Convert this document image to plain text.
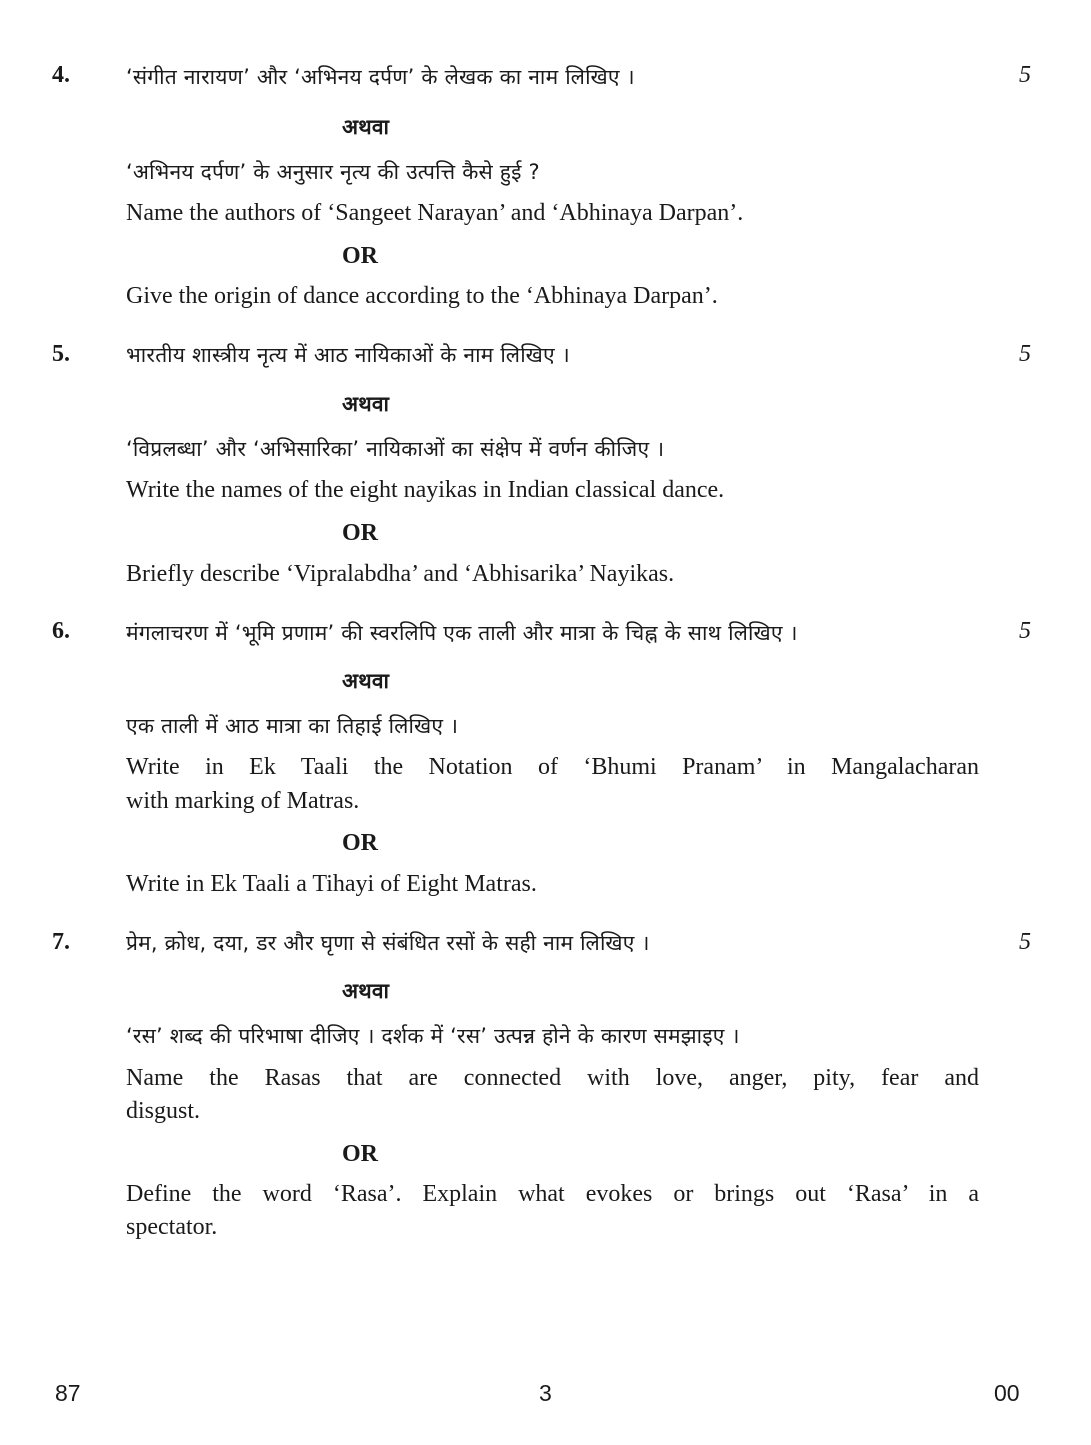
4.	5
‘संगीत नारायण’ और ‘अभिनय दर्पण’ के लेखक का नाम लिखिए ।
अथवा
‘अभिनय दर्पण’ के अनुसार नृत्य की उत्पत्ति कैसे हुई ?
Name the authors of ‘Sangeet Narayan’ and ‘Abhinaya Darpan’.
OR
Give the origin of dance according to the ‘Abhinaya Darpan’.
5.	5
भारतीय शास्त्रीय नृत्य में आठ नायिकाओं के नाम लिखिए ।
अथवा
‘विप्रलब्धा’ और ‘अभिसारिका’ नायिकाओं का संक्षेप में वर्णन कीजिए ।
Write the names of the eight nayikas in Indian classical dance.
OR
Briefly describe ‘Vipralabdha’ and ‘Abhisarika’ Nayikas.
6.	5
मंगलाचरण में ‘भूमि प्रणाम’ की स्वरलिपि एक ताली और मात्रा के चिह्न के साथ लिखिए ।
अथवा
एक ताली में आठ मात्रा का तिहाई लिखिए ।
Write in Ek Taali the Notation of ‘Bhumi Pranam’ in Mangalacharan
with marking of Matras.
OR
Write in Ek Taali a Tihayi of Eight Matras.
7.	5
प्रेम, क्रोध, दया, डर और घृणा से संबंधित रसों के सही नाम लिखिए ।
अथवा
‘रस’ शब्द की परिभाषा दीजिए । दर्शक में ‘रस’ उत्पन्न होने के कारण समझाइए ।
Name the Rasas that are connected with love, anger, pity, fear and
disgust.
OR
Define the word ‘Rasa’. Explain what evokes or brings out ‘Rasa’ in a
spectator.
87	3	00
